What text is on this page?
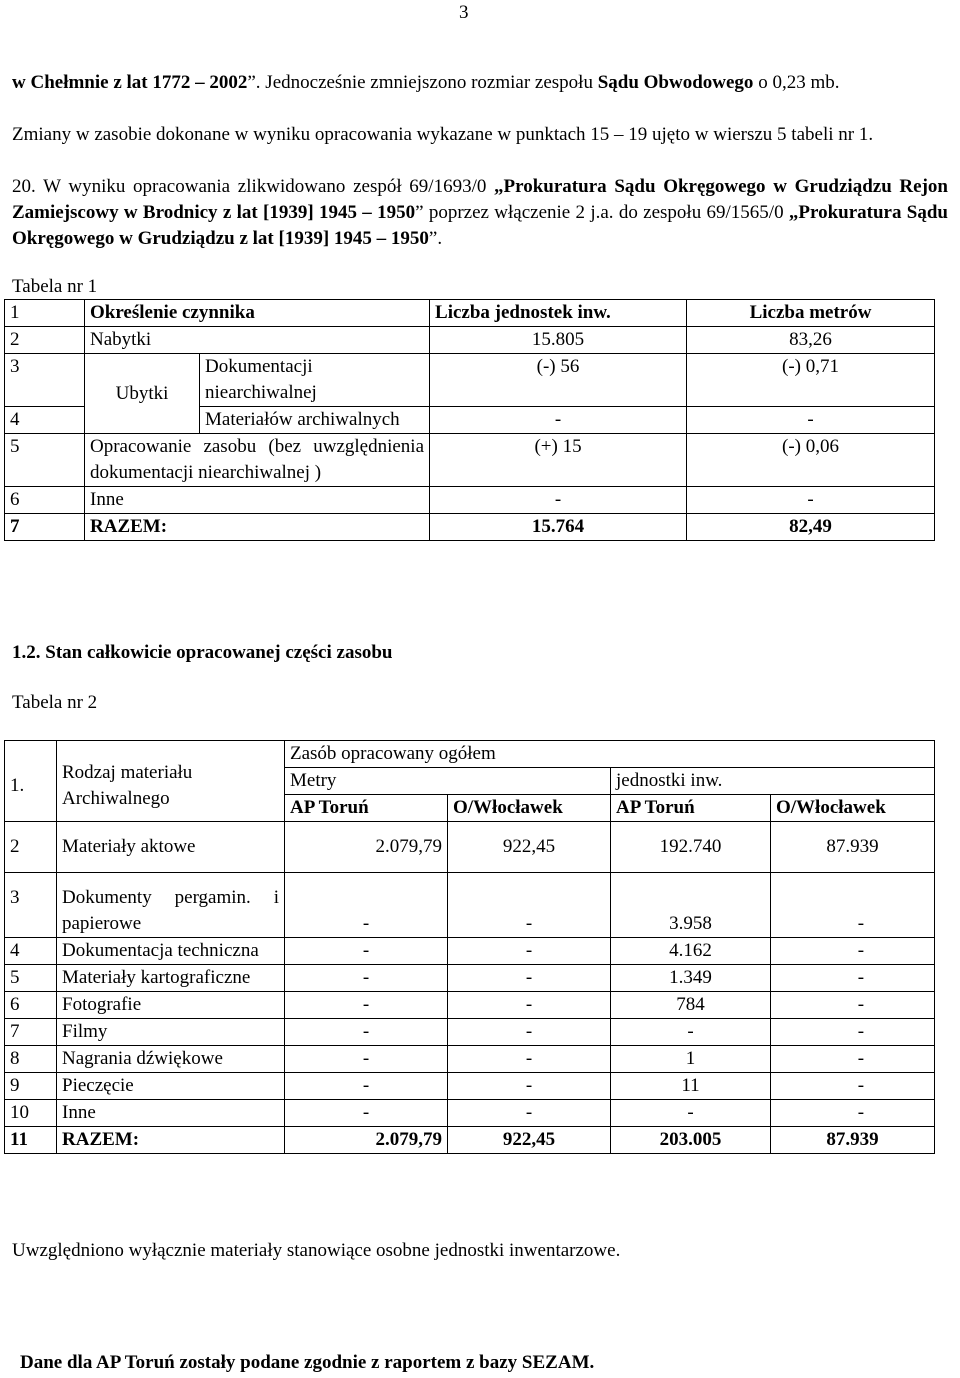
3

w Chełmnie z lat 1772 – 2002”. Jednocześnie zmniejszono rozmiar zespołu Sądu Obwodowego o 0,23 mb.

Zmiany w zasobie dokonane w wyniku opracowania wykazane w punktach 15 – 19 ujęto w wierszu 5 tabeli nr 1.

20. W wyniku opracowania zlikwidowano zespół 69/1693/0 „Prokuratura Sądu Okręgowego w Grudziądzu Rejon Zamiejscowy w Brodnicy z lat [1939] 1945 – 1950” poprzez włączenie 2 j.a. do zespołu 69/1565/0 „Prokuratura Sądu Okręgowego w Grudziądzu z lat [1939] 1945 – 1950”.

Tabela nr 1
1	Określenie czynnika		Liczba jednostek inw.	Liczba metrów
2	Nabytki		15.805	83,26
3	Ubytki	Dokumentacji niearchiwalnej	(-) 56	(-) 0,71
4		Materiałów archiwalnych	-	-
5	Opracowanie zasobu (bez uwzględnienia dokumentacji niearchiwalnej )		(+) 15	(-) 0,06
6	Inne		-	-
7	RAZEM:		15.764	82,49
1.2. Stan całkowicie opracowanej części zasobu
Tabela nr 2
1.	Rodzaj materiału Archiwalnego	Zasób opracowany ogółem			
		Metry		jednostki inw.	
		AP Toruń	O/Włocławek	AP Toruń	O/Włocławek
2	Materiały aktowe	2.079,79	922,45	192.740	87.939
3	Dokumenty pergamin. i papierowe	-	-	3.958	-
4	Dokumentacja techniczna	-	-	4.162	-
5	Materiały kartograficzne	-	-	1.349	-
6	Fotografie	-	-	784	-
7	Filmy	-	-	-	-
8	Nagrania dźwiękowe	-	-	1	-
9	Pieczęcie	-	-	11	-
10	Inne	-	-	-	-
11	RAZEM:	2.079,79	922,45	203.005	87.939
Uwzględniono wyłącznie materiały stanowiące osobne jednostki inwentarzowe.
Dane dla AP Toruń zostały podane zgodnie z raportem z bazy SEZAM.
